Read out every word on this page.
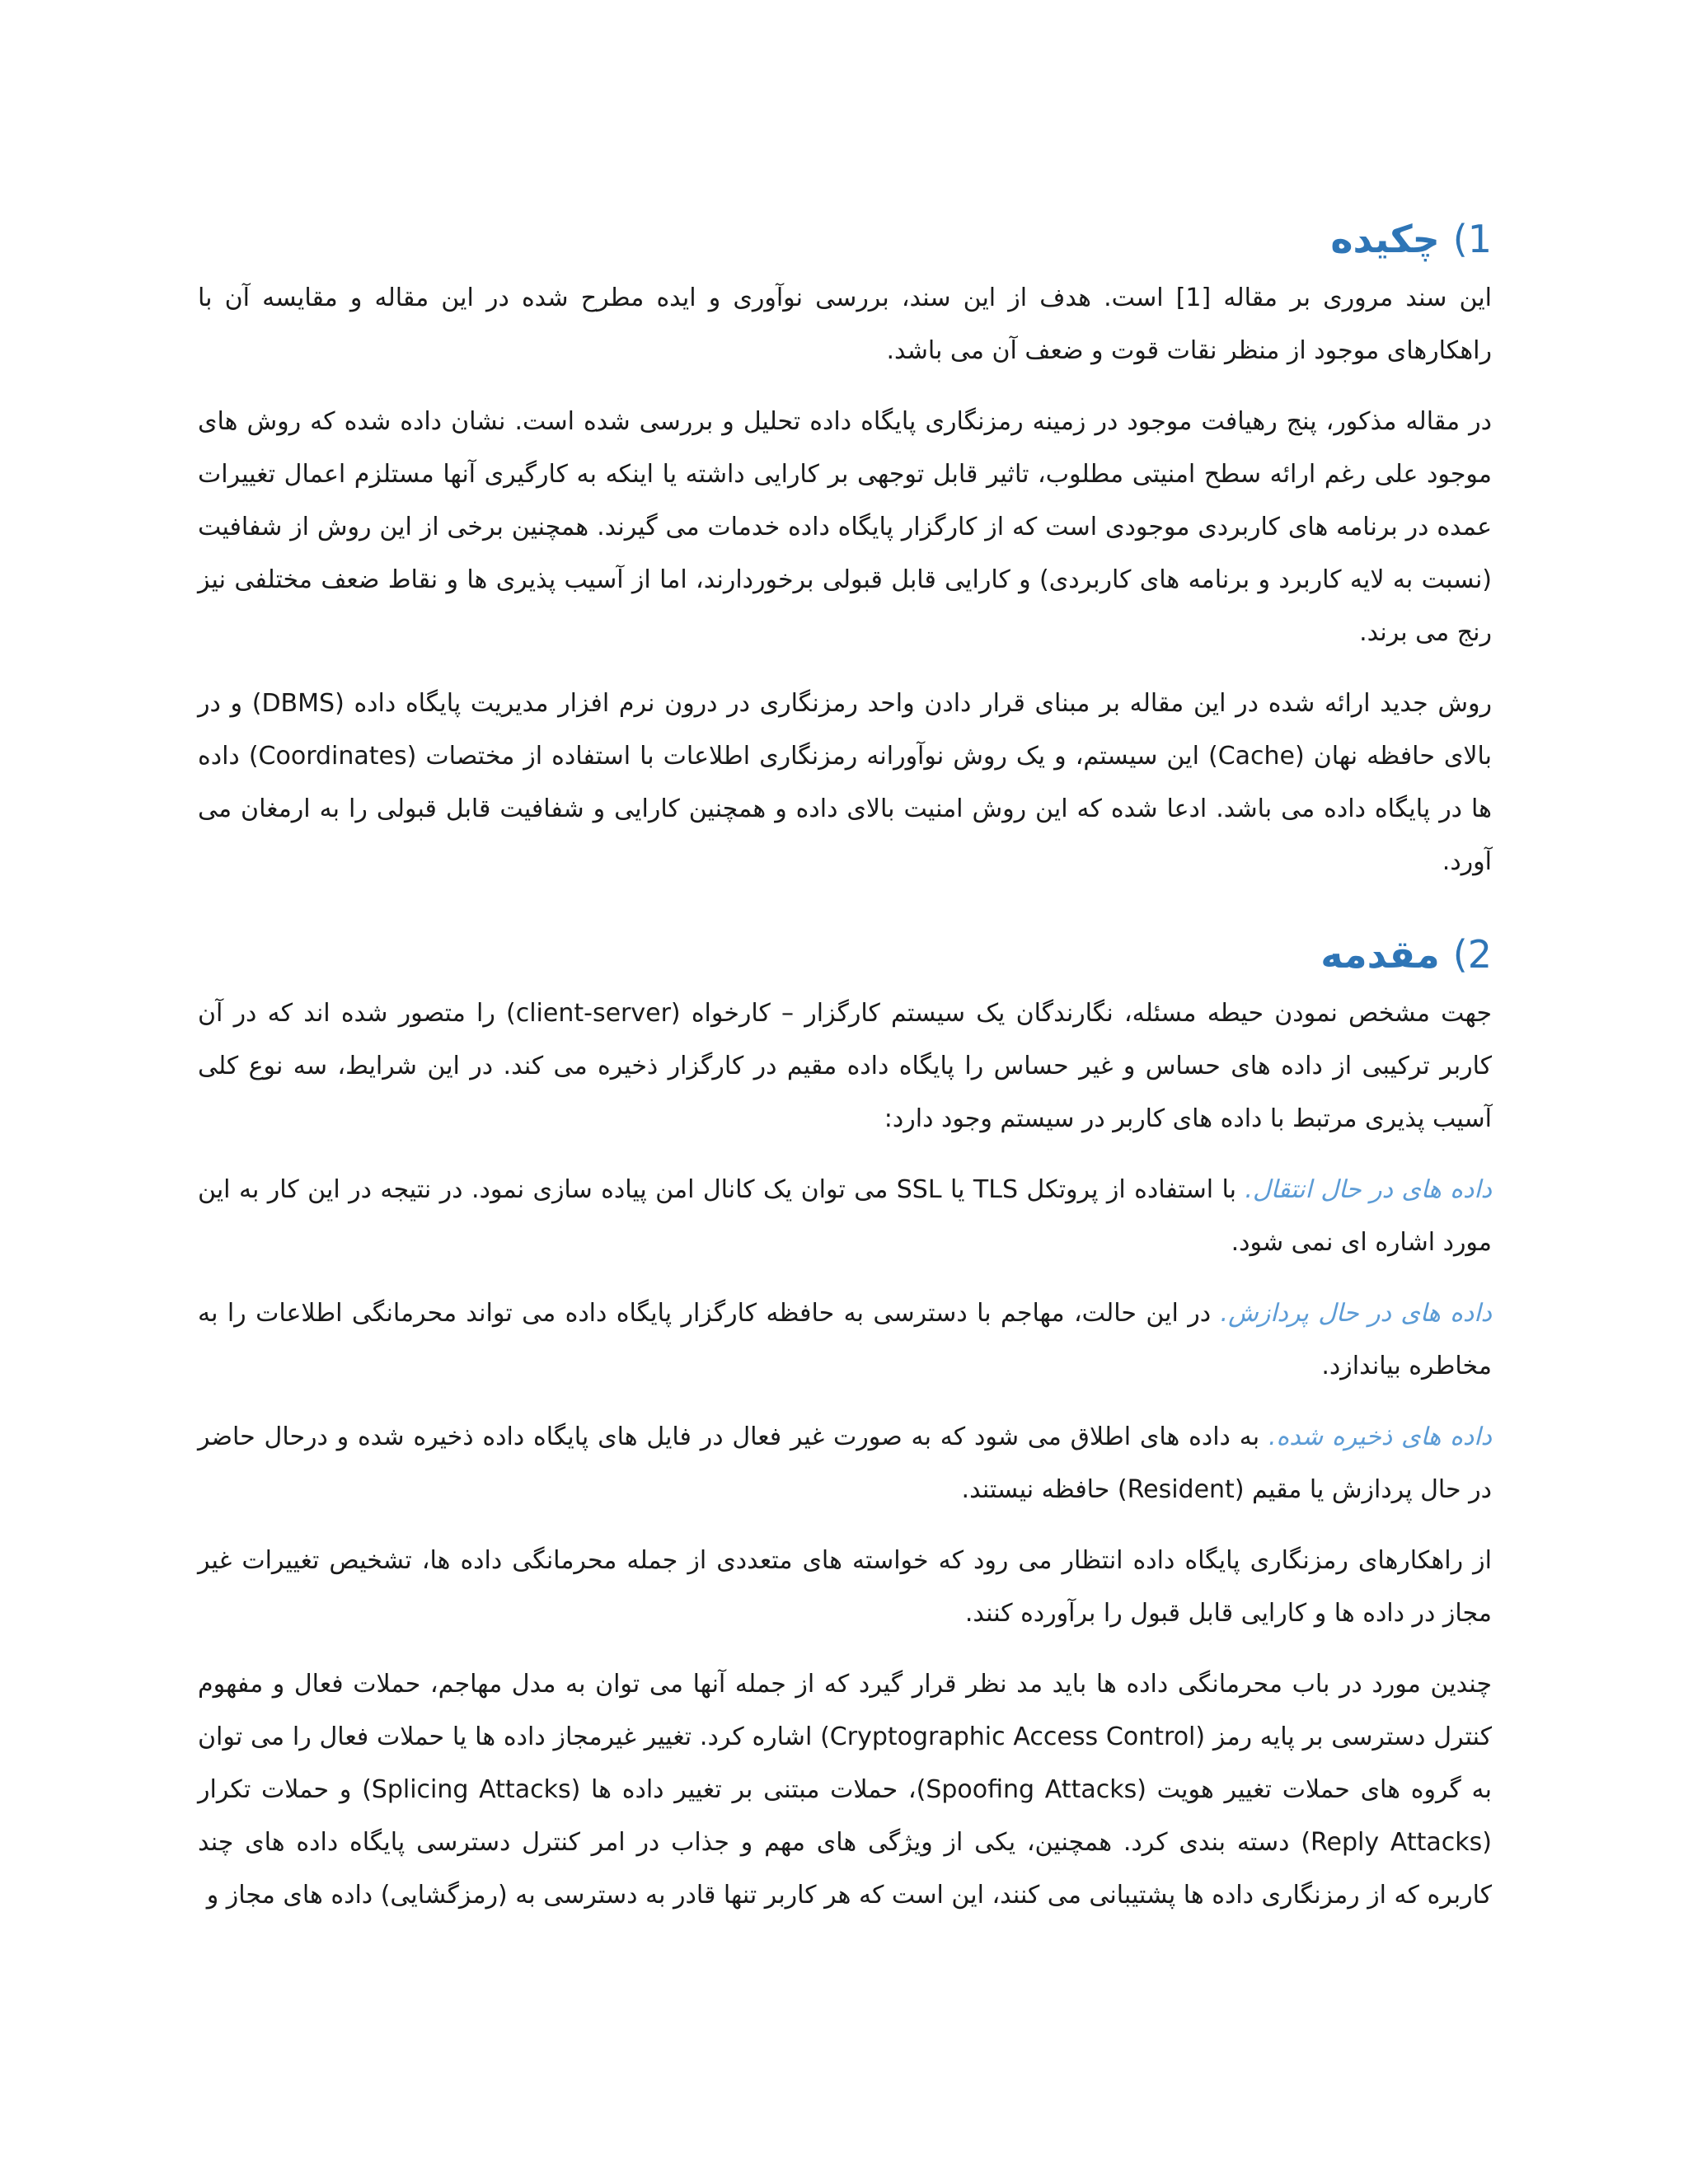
1) چکیده

این سند مروری بر مقاله [1] است. هدف از این سند، بررسی نوآوری و ایده مطرح شده در این مقاله و مقایسه آن با راهکارهای موجود از منظر نقات قوت و ضعف آن می باشد.

در مقاله مذکور، پنج رهیافت موجود در زمینه رمزنگاری پایگاه داده تحلیل و بررسی شده است. نشان داده شده که روش های موجود علی رغم ارائه سطح امنیتی مطلوب، تاثیر قابل توجهی بر کارایی داشته یا اینکه به کارگیری آنها مستلزم اعمال تغییرات عمده در برنامه های کاربردی موجودی است که از کارگزار پایگاه داده خدمات می گیرند. همچنین برخی از این روش از شفافیت (نسبت به لایه کاربرد و برنامه های کاربردی) و کارایی قابل قبولی برخوردارند، اما از آسیب پذیری ها و نقاط ضعف مختلفی نیز رنج می برند.

روش جدید ارائه شده در این مقاله بر مبنای قرار دادن واحد رمزنگاری در درون نرم افزار مدیریت پایگاه داده (DBMS) و در بالای حافظه نهان (Cache) این سیستم، و یک روش نوآورانه رمزنگاری اطلاعات با استفاده از مختصات (Coordinates) داده ها در پایگاه داده می باشد. ادعا شده که این روش امنیت بالای داده و همچنین کارایی و شفافیت قابل قبولی را به ارمغان می آورد.

2) مقدمه

جهت مشخص نمودن حیطه مسئله، نگارندگان یک سیستم کارگزار – کارخواه (client-server) را متصور شده اند که در آن کاربر ترکیبی از داده های حساس و غیر حساس را پایگاه داده مقیم در کارگزار ذخیره می کند. در این شرایط، سه نوع کلی آسیب پذیری مرتبط با داده های کاربر در سیستم وجود دارد:

داده های در حال انتقال. با استفاده از پروتکل TLS یا SSL می توان یک کانال امن پیاده سازی نمود. در نتیجه در این کار به این مورد اشاره ای نمی شود.

داده های در حال پردازش. در این حالت، مهاجم با دسترسی به حافظه کارگزار پایگاه داده می تواند محرمانگی اطلاعات را به مخاطره بیاندازد.

داده های ذخیره شده. به داده های اطلاق می شود که به صورت غیر فعال در فایل های پایگاه داده ذخیره شده و درحال حاضر در حال پردازش یا مقیم (Resident) حافظه نیستند.

از راهکارهای رمزنگاری پایگاه داده انتظار می رود که خواسته های متعددی از جمله محرمانگی داده ها، تشخیص تغییرات غیر مجاز در داده ها و کارایی قابل قبول را برآورده کنند.

چندین مورد در باب محرمانگی داده ها باید مد نظر قرار گیرد که از جمله آنها می توان به مدل مهاجم، حملات فعال و مفهوم کنترل دسترسی بر پایه رمز (Cryptographic Access Control) اشاره کرد. تغییر غیرمجاز داده ها یا حملات فعال را می توان به گروه های حملات تغییر هویت (Spoofing Attacks)، حملات مبتنی بر تغییر داده ها (Splicing Attacks) و حملات تکرار (Reply Attacks) دسته بندی کرد. همچنین، یکی از ویژگی های مهم و جذاب در امر کنترل دسترسی پایگاه داده های چند کاربره که از رمزنگاری داده ها پشتیبانی می کنند، این است که هر کاربر تنها قادر به دسترسی به (رمزگشایی) داده های مجاز و
